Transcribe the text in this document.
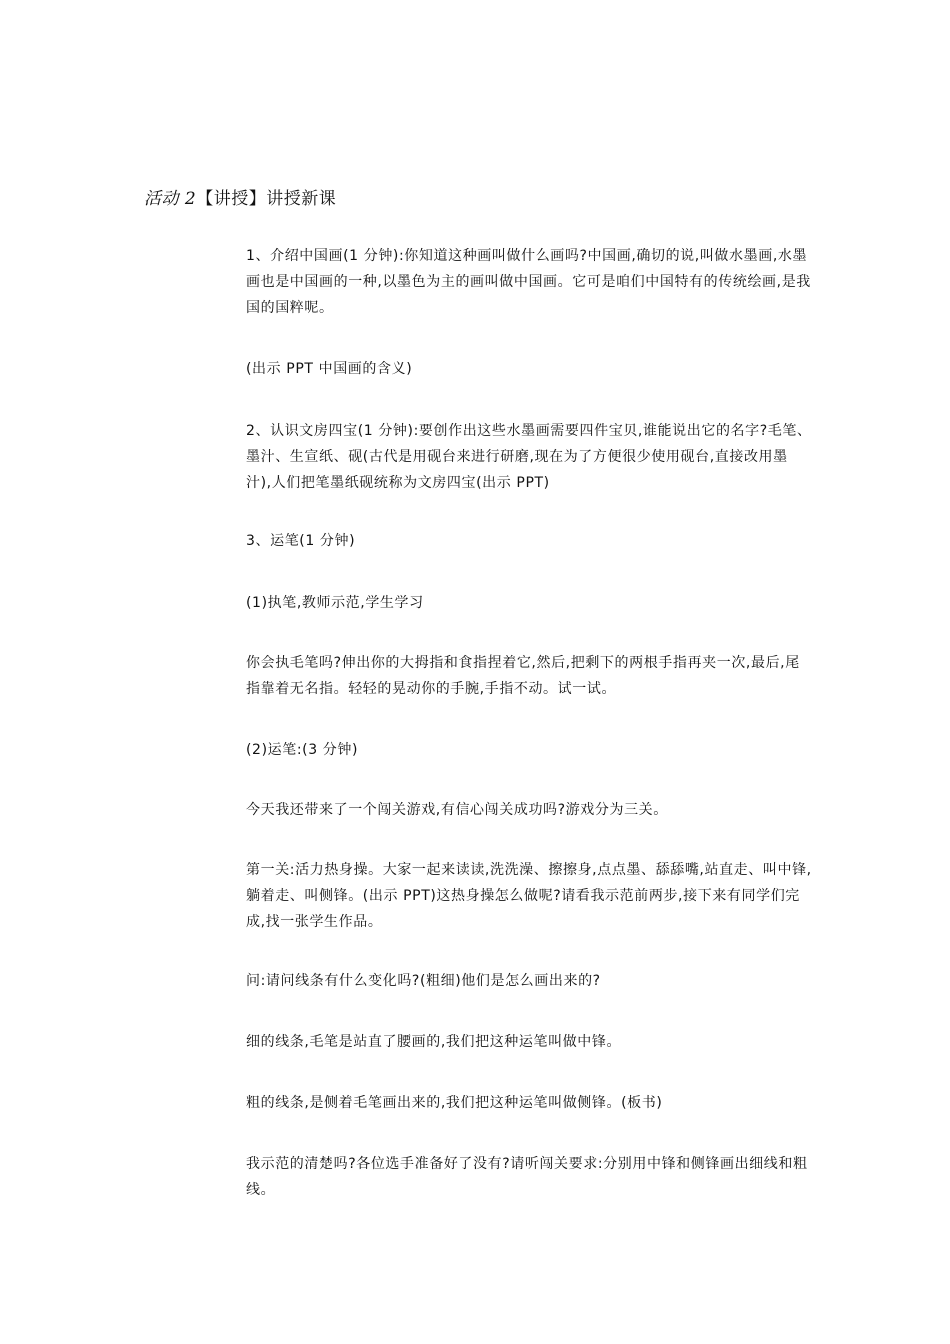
活动 2【讲授】讲授新课

1、介绍中国画(1 分钟):你知道这种画叫做什么画吗?中国画,确切的说,叫做水墨画,水墨画也是中国画的一种,以墨色为主的画叫做中国画。它可是咱们中国特有的传统绘画,是我国的国粹呢。

(出示 PPT 中国画的含义)

2、认识文房四宝(1 分钟):要创作出这些水墨画需要四件宝贝,谁能说出它的名字?毛笔、墨汁、生宣纸、砚(古代是用砚台来进行研磨,现在为了方便很少使用砚台,直接改用墨汁),人们把笔墨纸砚统称为文房四宝(出示 PPT)

3、运笔(1 分钟)

(1)执笔,教师示范,学生学习

你会执毛笔吗?伸出你的大拇指和食指捏着它,然后,把剩下的两根手指再夹一次,最后,尾指靠着无名指。轻轻的晃动你的手腕,手指不动。试一试。

(2)运笔:(3 分钟)

今天我还带来了一个闯关游戏,有信心闯关成功吗?游戏分为三关。

第一关:活力热身操。大家一起来读读,洗洗澡、擦擦身,点点墨、舔舔嘴,站直走、叫中锋,躺着走、叫侧锋。(出示 PPT)这热身操怎么做呢?请看我示范前两步,接下来有同学们完成,找一张学生作品。

问:请问线条有什么变化吗?(粗细)他们是怎么画出来的?

细的线条,毛笔是站直了腰画的,我们把这种运笔叫做中锋。

粗的线条,是侧着毛笔画出来的,我们把这种运笔叫做侧锋。(板书)

我示范的清楚吗?各位选手准备好了没有?请听闯关要求:分别用中锋和侧锋画出细线和粗线。
